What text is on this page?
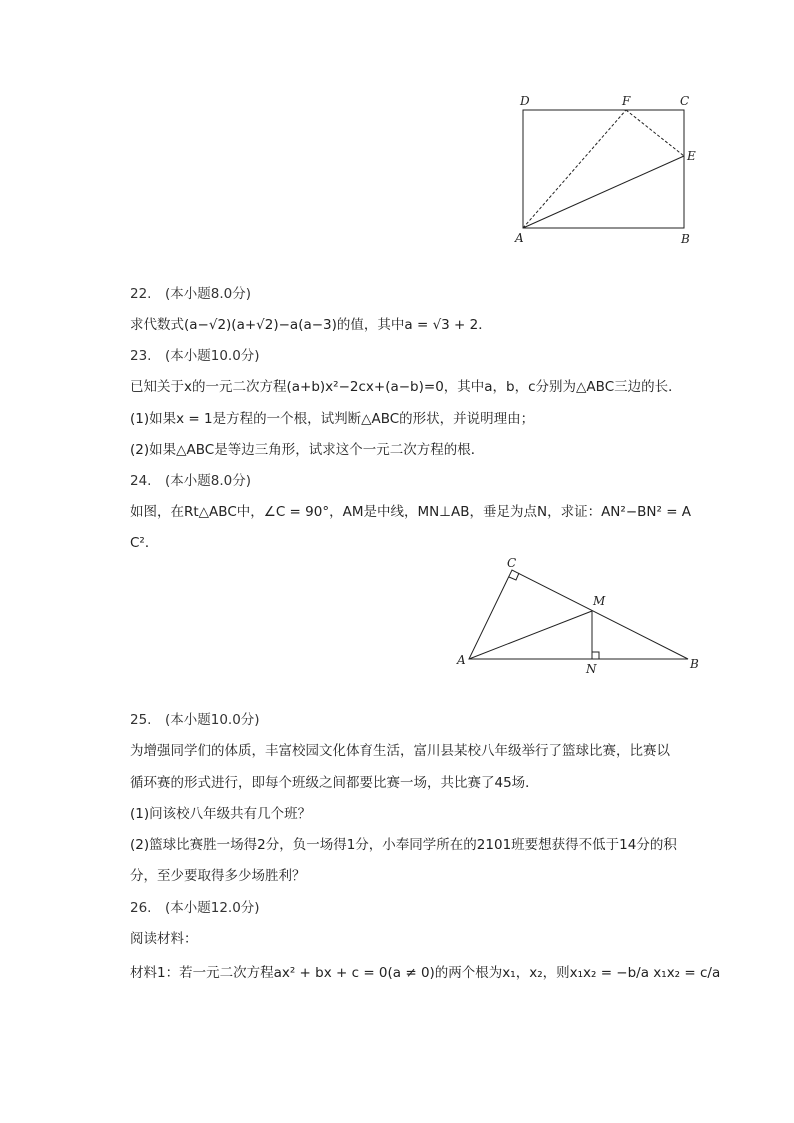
D	F	C
E
A	B
22.　(本小题8.0分)
求代数式(a−√2)(a+√2)−a(a−3)的值，其中a = √3 + 2．
23.　(本小题10.0分)
已知关于x的一元二次方程(a+b)x²−2cx+(a−b)=0，其中a，b，c分别为△ABC三边的长．
(1)如果x = 1是方程的一个根，试判断△ABC的形状，并说明理由；
(2)如果△ABC是等边三角形，试求这个一元二次方程的根．
24.　(本小题8.0分)
如图，在Rt△ABC中，∠C = 90°，AM是中线，MN⊥AB，垂足为点N，求证：AN²−BN² = A
C²．
C
M
A
N	B
25.　(本小题10.0分)
为增强同学们的体质，丰富校园文化体育生活，富川县某校八年级举行了篮球比赛，比赛以
循环赛的形式进行，即每个班级之间都要比赛一场，共比赛了45场．
(1)问该校八年级共有几个班？
(2)篮球比赛胜一场得2分，负一场得1分，小奉同学所在的2101班要想获得不低于14分的积
分，至少要取得多少场胜利？
26.　(本小题12.0分)
阅读材料：
材料1：若一元二次方程ax² + bx + c = 0(a ≠ 0)的两个根为x₁，x₂，则x₁x₂ = −b/a x₁x₂ = c/a
